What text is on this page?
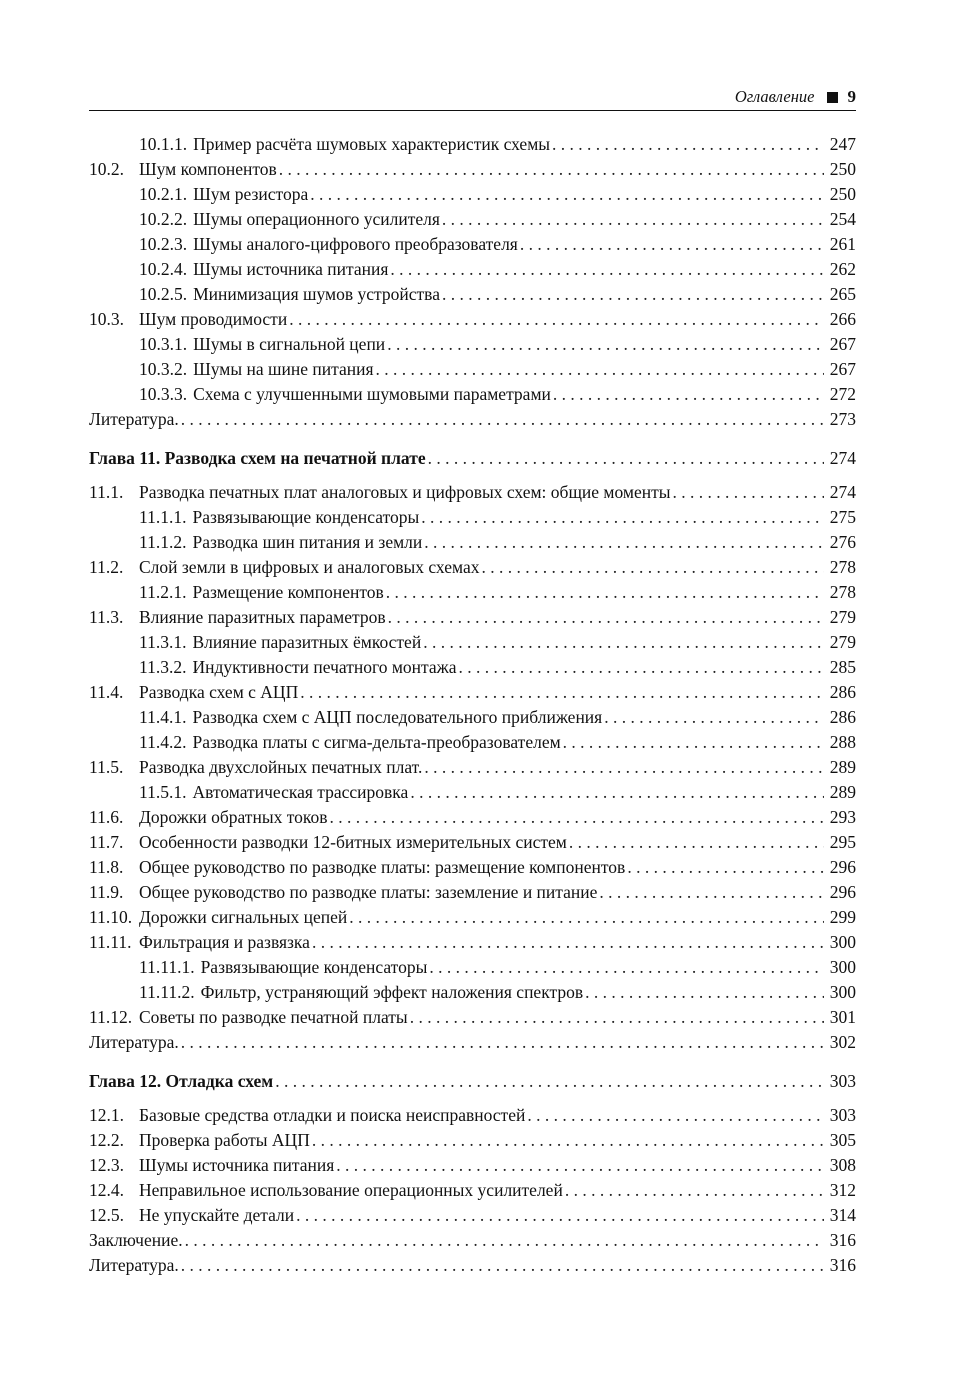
Оглавление 9
10.1.1. Пример расчёта шумовых характеристик схемы . . .	247
10.2. Шум компонентов . . .	250
10.2.1. Шум резистора . . .	250
10.2.2. Шумы операционного усилителя . . .	254
10.2.3. Шумы аналого-цифрового преобразователя . . .	261
10.2.4. Шумы источника питания . . .	262
10.2.5. Минимизация шумов устройства . . .	265
10.3. Шум проводимости . . .	266
10.3.1. Шумы в сигнальной цепи . . .	267
10.3.2. Шумы на шине питания . . .	267
10.3.3. Схема с улучшенными шумовыми параметрами . . .	272
Литература. . . .	273
Глава 11. Разводка схем на печатной плате . . .	274
11.1. Разводка печатных плат аналоговых и цифровых схем: общие моменты . . .	274
11.1.1. Развязывающие конденсаторы . . .	275
11.1.2. Разводка шин питания и земли . . .	276
11.2. Слой земли в цифровых и аналоговых схемах . . .	278
11.2.1. Размещение компонентов . . .	278
11.3. Влияние паразитных параметров . . .	279
11.3.1. Влияние паразитных ёмкостей . . .	279
11.3.2. Индуктивности печатного монтажа . . .	285
11.4. Разводка схем с АЦП . . .	286
11.4.1. Разводка схем с АЦП последовательного приближения . . .	286
11.4.2. Разводка платы с сигма-дельта-преобразователем . . .	288
11.5. Разводка двухслойных печатных плат. . . .	289
11.5.1. Автоматическая трассировка . . .	289
11.6. Дорожки обратных токов . . .	293
11.7. Особенности разводки 12-битных измерительных систем . . .	295
11.8. Общее руководство по разводке платы: размещение компонентов . . .	296
11.9. Общее руководство по разводке платы: заземление и питание . . .	296
11.10. Дорожки сигнальных цепей . . .	299
11.11. Фильтрация и развязка . . .	300
11.11.1. Развязывающие конденсаторы . . .	300
11.11.2. Фильтр, устраняющий эффект наложения спектров . . .	300
11.12. Советы по разводке печатной платы . . .	301
Литература. . . .	302
Глава 12. Отладка схем . . .	303
12.1. Базовые средства отладки и поиска неисправностей . . .	303
12.2. Проверка работы АЦП . . .	305
12.3. Шумы источника питания . . .	308
12.4. Неправильное использование операционных усилителей . . .	312
12.5. Не упускайте детали . . .	314
Заключение. . . .	316
Литература. . . .	316
